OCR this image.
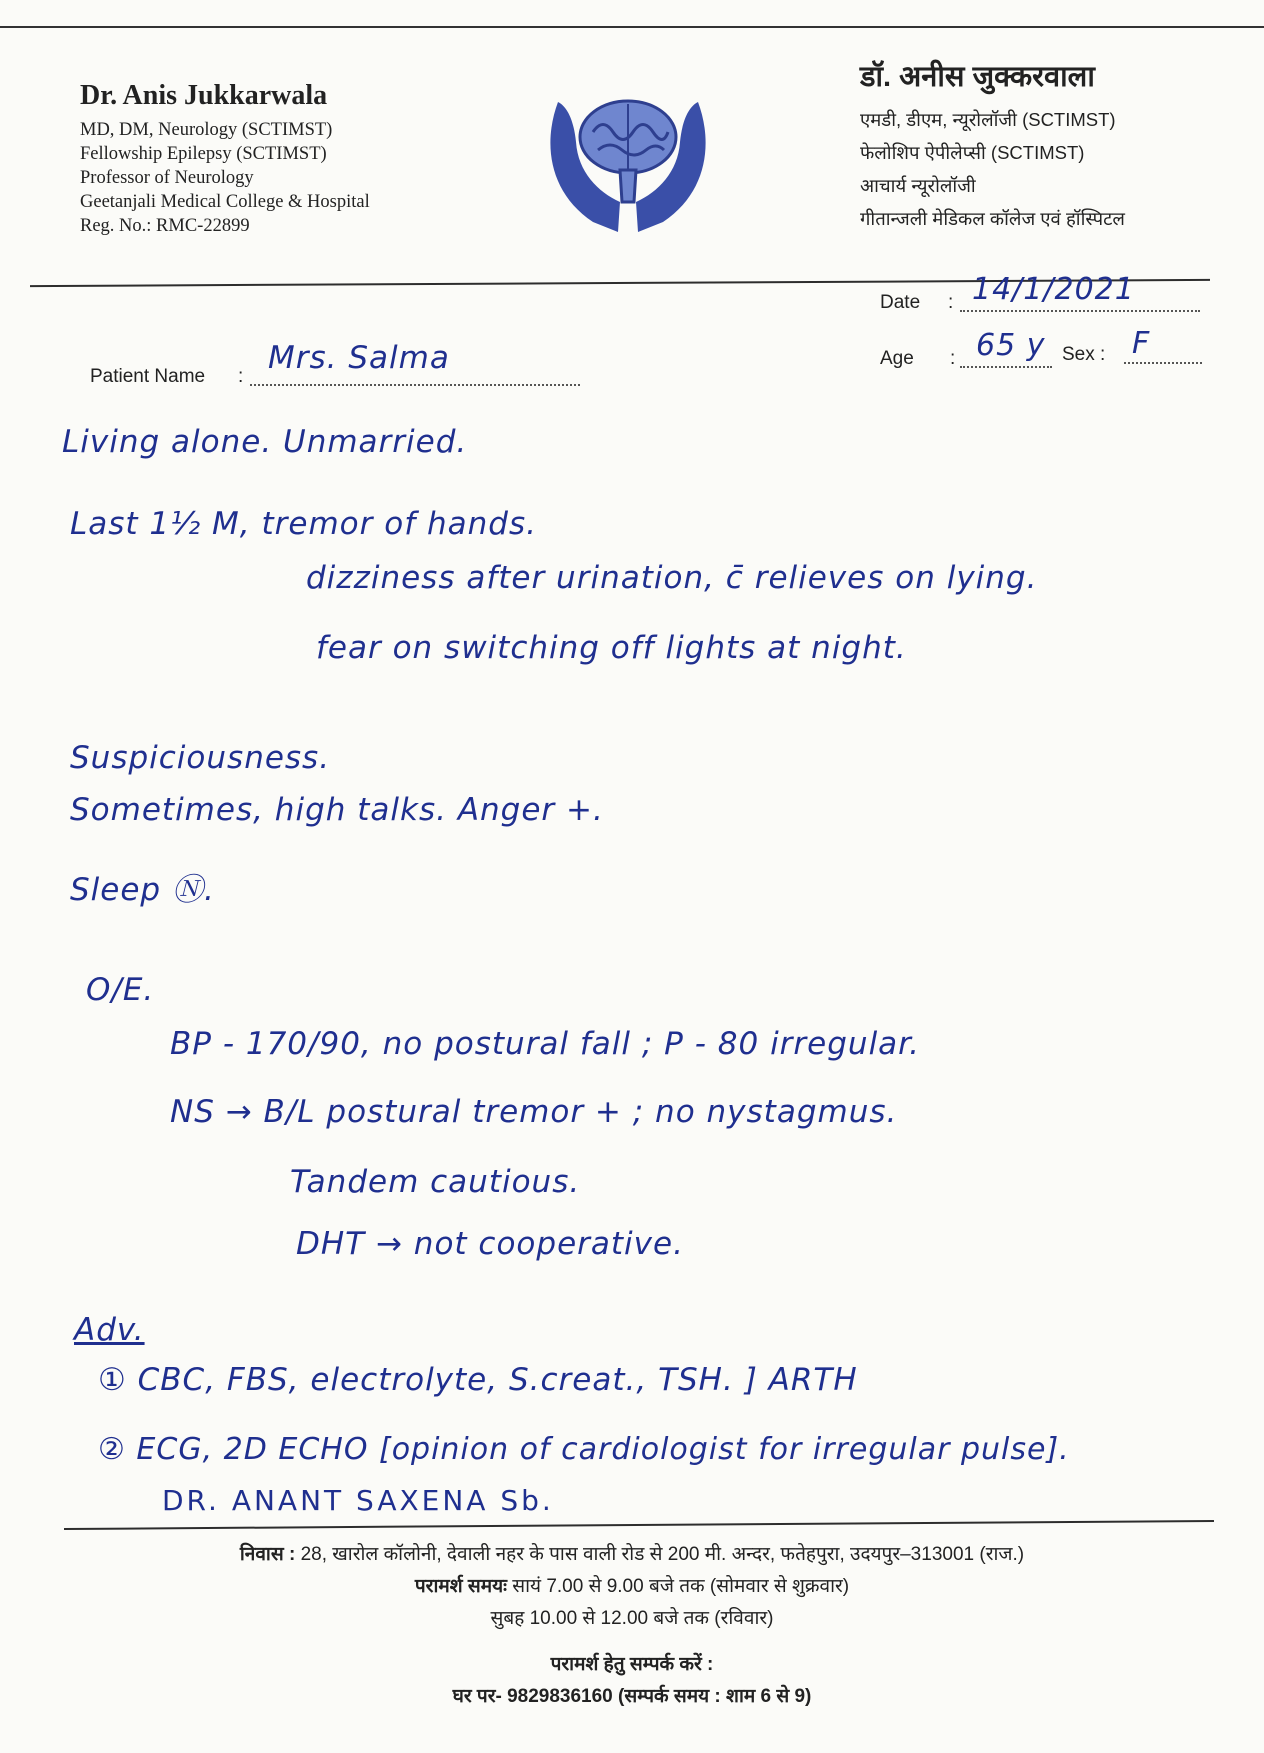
Dr. Anis Jukkarwala
MD, DM, Neurology (SCTIMST)
Fellowship Epilepsy (SCTIMST)
Professor of Neurology
Geetanjali Medical College & Hospital
Reg. No.: RMC-22899
डॉ. अनीस जुक्करवाला
एमडी, डीएम, न्यूरोलॉजी (SCTIMST)
फेलोशिप ऐपीलेप्सी (SCTIMST)
आचार्य न्यूरोलॉजी
गीतान्जली मेडिकल कॉलेज एवं हॉस्पिटल
Date : 14/1/2021
Age : 65 y Sex : F
Patient Name :
Mrs. Salma
Living alone. Unmarried.
Last 1½ M, tremor of hands.
dizziness after urination, c̄ relieves on lying.
fear on switching off lights at night.
Suspiciousness.
Sometimes, high talks. Anger +.
Sleep Ⓝ.
O/E.
BP - 170/90, no postural fall ; P - 80 irregular.
NS → B/L postural tremor + ; no nystagmus.
Tandem cautious.
DHT → not cooperative.
Adv.
① CBC, FBS, electrolyte, S.creat., TSH. ] ARTH
② ECG, 2D ECHO [opinion of cardiologist for irregular pulse].
DR. ANANT SAXENA Sb.
निवास : 28, खारोल कॉलोनी, देवाली नहर के पास वाली रोड से 200 मी. अन्दर, फतेहपुरा, उदयपुर–313001 (राज.)
परामर्श समयः सायं 7.00 से 9.00 बजे तक (सोमवार से शुक्रवार)
सुबह 10.00 से 12.00 बजे तक (रविवार)
परामर्श हेतु सम्पर्क करें :
घर पर- 9829836160 (सम्पर्क समय : शाम 6 से 9)
